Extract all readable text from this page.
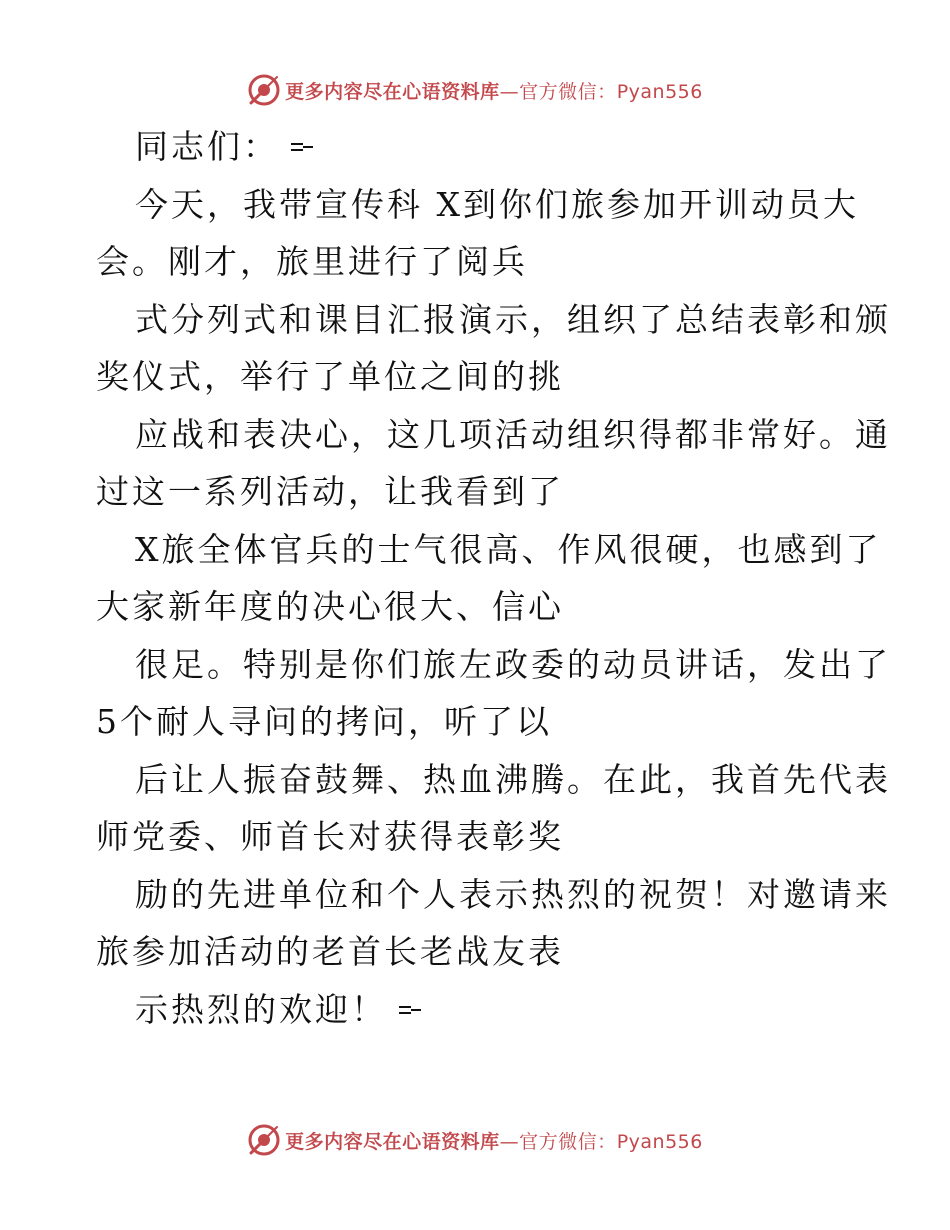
更多内容尽在心语资料库—官方微信：Pyan556
同志们：
今天，我带宣传科 X到你们旅参加开训动员大
会。刚才，旅里进行了阅兵
式分列式和课目汇报演示，组织了总结表彰和颁
奖仪式，举行了单位之间的挑
应战和表决心，这几项活动组织得都非常好。通
过这一系列活动，让我看到了
X旅全体官兵的士气很高、作风很硬，也感到了
大家新年度的决心很大、信心
很足。特别是你们旅左政委的动员讲话，发出了
5个耐人寻问的拷问，听了以
后让人振奋鼓舞、热血沸腾。在此，我首先代表
师党委、师首长对获得表彰奖
励的先进单位和个人表示热烈的祝贺！对邀请来
旅参加活动的老首长老战友表
示热烈的欢迎！
更多内容尽在心语资料库—官方微信：Pyan556
